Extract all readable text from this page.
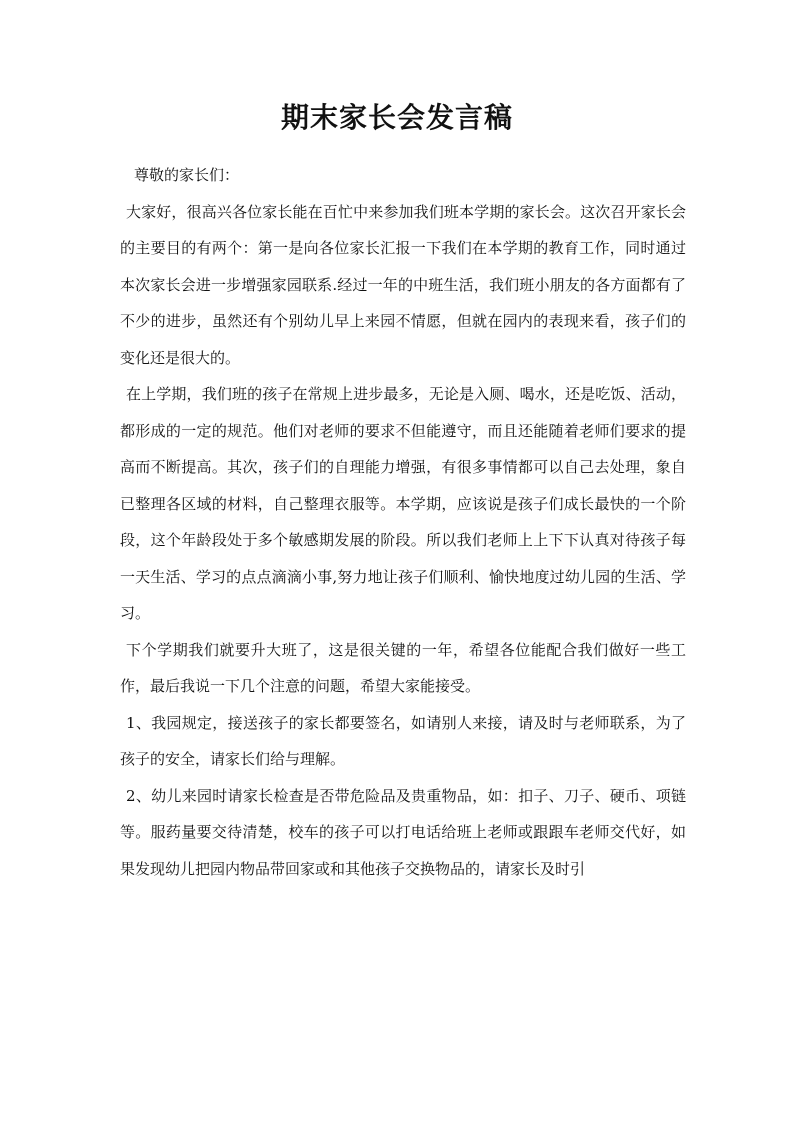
期末家长会发言稿

尊敬的家长们：

大家好，很高兴各位家长能在百忙中来参加我们班本学期的家长会。这次召开家长会的主要目的有两个：第一是向各位家长汇报一下我们在本学期的教育工作，同时通过本次家长会进一步增强家园联系.经过一年的中班生活，我们班小朋友的各方面都有了不少的进步，虽然还有个别幼儿早上来园不情愿，但就在园内的表现来看，孩子们的变化还是很大的。

在上学期，我们班的孩子在常规上进步最多，无论是入厕、喝水，还是吃饭、活动，都形成的一定的规范。他们对老师的要求不但能遵守，而且还能随着老师们要求的提高而不断提高。其次，孩子们的自理能力增强，有很多事情都可以自己去处理，象自已整理各区域的材料，自己整理衣服等。本学期，应该说是孩子们成长最快的一个阶段，这个年龄段处于多个敏感期发展的阶段。所以我们老师上上下下认真对待孩子每一天生活、学习的点点滴滴小事,努力地让孩子们顺利、愉快地度过幼儿园的生活、学习。

下个学期我们就要升大班了，这是很关键的一年，希望各位能配合我们做好一些工作，最后我说一下几个注意的问题，希望大家能接受。

1、我园规定，接送孩子的家长都要签名，如请别人来接，请及时与老师联系，为了孩子的安全，请家长们给与理解。

2、幼儿来园时请家长检查是否带危险品及贵重物品，如：扣子、刀子、硬币、项链等。服药量要交待清楚，校车的孩子可以打电话给班上老师或跟跟车老师交代好，如果发现幼儿把园内物品带回家或和其他孩子交换物品的，请家长及时引
